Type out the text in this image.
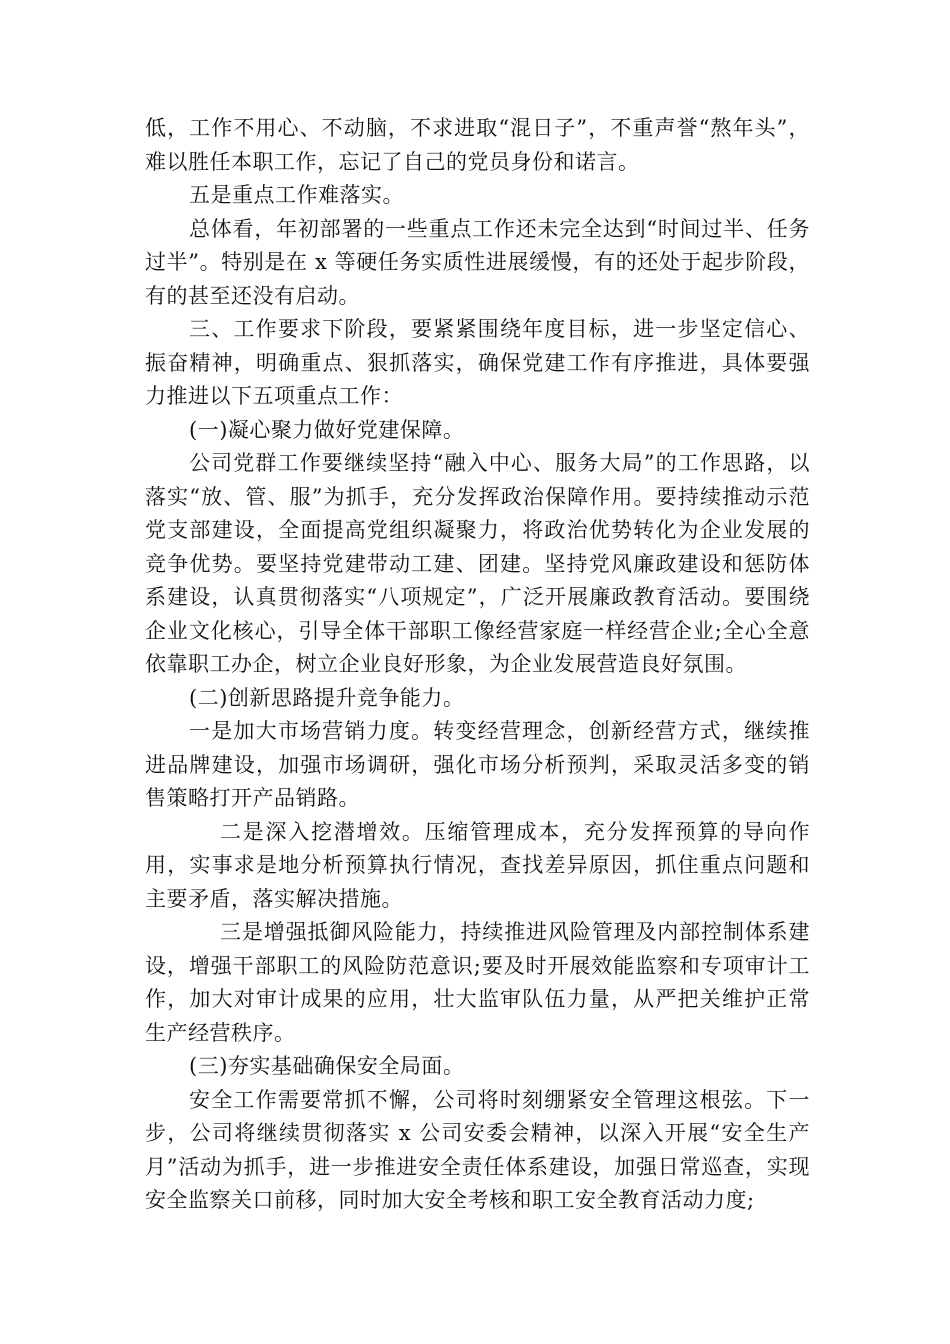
低，工作不用心、不动脑，不求进取“混日子”，不重声誉“熬年头”，难以胜任本职工作，忘记了自己的党员身份和诺言。

五是重点工作难落实。

总体看，年初部署的一些重点工作还未完全达到“时间过半、任务过半”。特别是在 x 等硬任务实质性进展缓慢，有的还处于起步阶段，有的甚至还没有启动。

三、工作要求下阶段，要紧紧围绕年度目标，进一步坚定信心、振奋精神，明确重点、狠抓落实，确保党建工作有序推进，具体要强力推进以下五项重点工作：

(一)凝心聚力做好党建保障。

公司党群工作要继续坚持“融入中心、服务大局”的工作思路，以落实“放、管、服”为抓手，充分发挥政治保障作用。要持续推动示范党支部建设，全面提高党组织凝聚力，将政治优势转化为企业发展的竞争优势。要坚持党建带动工建、团建。坚持党风廉政建设和惩防体系建设，认真贯彻落实“八项规定”，广泛开展廉政教育活动。要围绕企业文化核心，引导全体干部职工像经营家庭一样经营企业;全心全意依靠职工办企，树立企业良好形象，为企业发展营造良好氛围。

(二)创新思路提升竞争能力。

一是加大市场营销力度。转变经营理念，创新经营方式，继续推进品牌建设，加强市场调研，强化市场分析预判，采取灵活多变的销售策略打开产品销路。

二是深入挖潜增效。压缩管理成本，充分发挥预算的导向作用，实事求是地分析预算执行情况，查找差异原因，抓住重点问题和主要矛盾，落实解决措施。

三是增强抵御风险能力，持续推进风险管理及内部控制体系建设，增强干部职工的风险防范意识;要及时开展效能监察和专项审计工作，加大对审计成果的应用，壮大监审队伍力量，从严把关维护正常生产经营秩序。

(三)夯实基础确保安全局面。

安全工作需要常抓不懈，公司将时刻绷紧安全管理这根弦。下一步，公司将继续贯彻落实 x 公司安委会精神，以深入开展“安全生产月”活动为抓手，进一步推进安全责任体系建设，加强日常巡查，实现安全监察关口前移，同时加大安全考核和职工安全教育活动力度;
